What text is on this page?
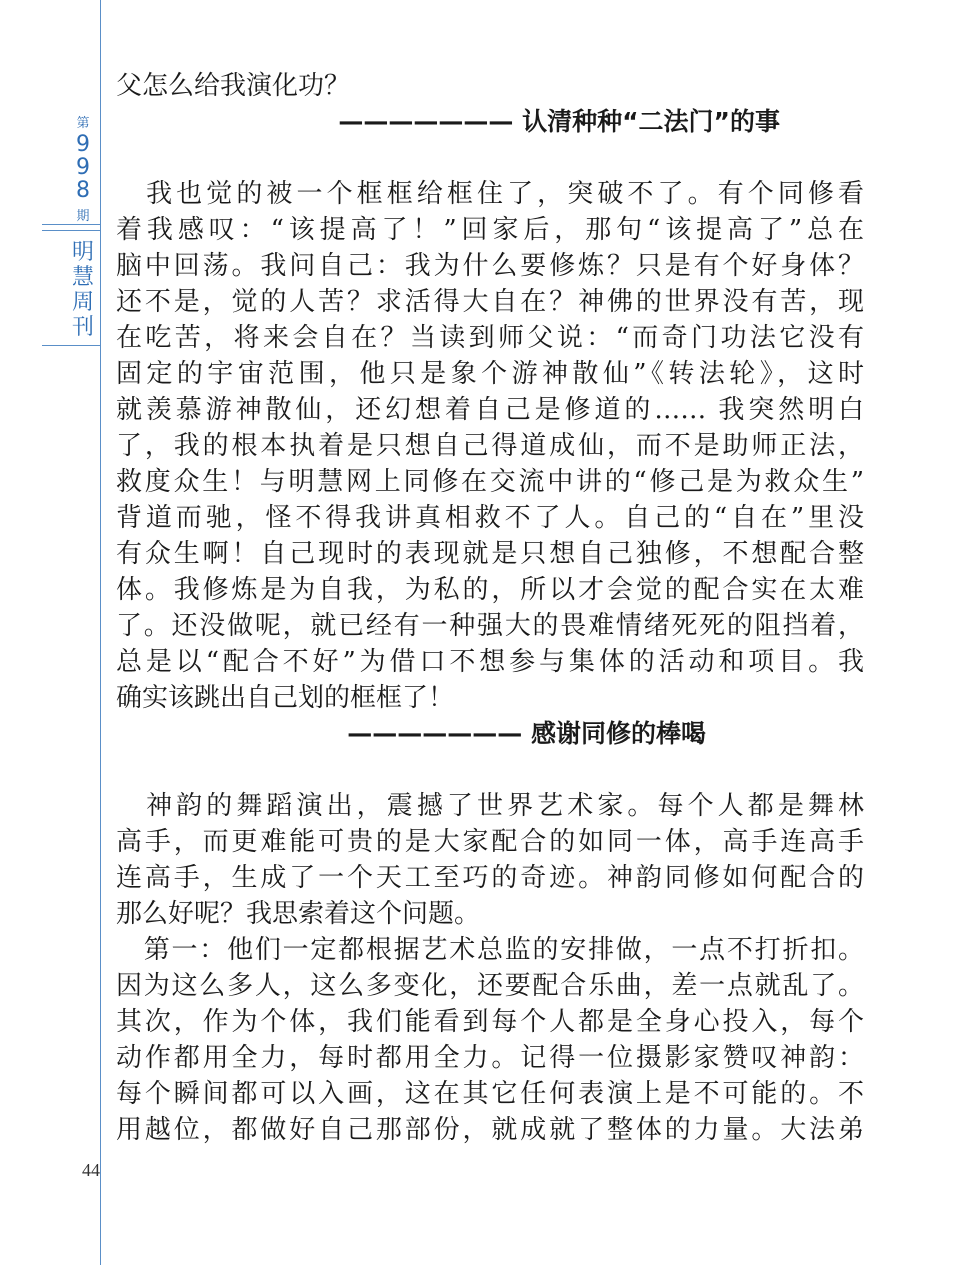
第
9
9
8
期
明
慧
周
刊
44
父怎么给我演化功？
——————— 认清种种“二法门”的事
　我也觉的被一个框框给框住了，突破不了。有个同修看
着我感叹：“该提高了！”回家后，那句“该提高了”总在
脑中回荡。我问自己：我为什么要修炼？只是有个好身体？
还不是，觉的人苦？求活得大自在？神佛的世界没有苦，现
在吃苦，将来会自在？当读到师父说：“而奇门功法它没有
固定的宇宙范围，他只是象个游神散仙”《转法轮》，这时
就羡慕游神散仙，还幻想着自己是修道的…… 我突然明白
了，我的根本执着是只想自己得道成仙，而不是助师正法，
救度众生！与明慧网上同修在交流中讲的“修己是为救众生”
背道而驰，怪不得我讲真相救不了人。自己的“自在”里没
有众生啊！自己现时的表现就是只想自己独修，不想配合整
体。我修炼是为自我，为私的，所以才会觉的配合实在太难
了。还没做呢，就已经有一种强大的畏难情绪死死的阻挡着，
总是以“配合不好”为借口不想参与集体的活动和项目。我
确实该跳出自己划的框框了！
——————— 感谢同修的棒喝
　神韵的舞蹈演出，震撼了世界艺术家。每个人都是舞林
高手，而更难能可贵的是大家配合的如同一体，高手连高手
连高手，生成了一个天工至巧的奇迹。神韵同修如何配合的
那么好呢？我思索着这个问题。
　第一：他们一定都根据艺术总监的安排做，一点不打折扣。
因为这么多人，这么多变化，还要配合乐曲，差一点就乱了。
其次，作为个体，我们能看到每个人都是全身心投入，每个
动作都用全力，每时都用全力。记得一位摄影家赞叹神韵：
每个瞬间都可以入画，这在其它任何表演上是不可能的。不
用越位，都做好自己那部份，就成就了整体的力量。大法弟
